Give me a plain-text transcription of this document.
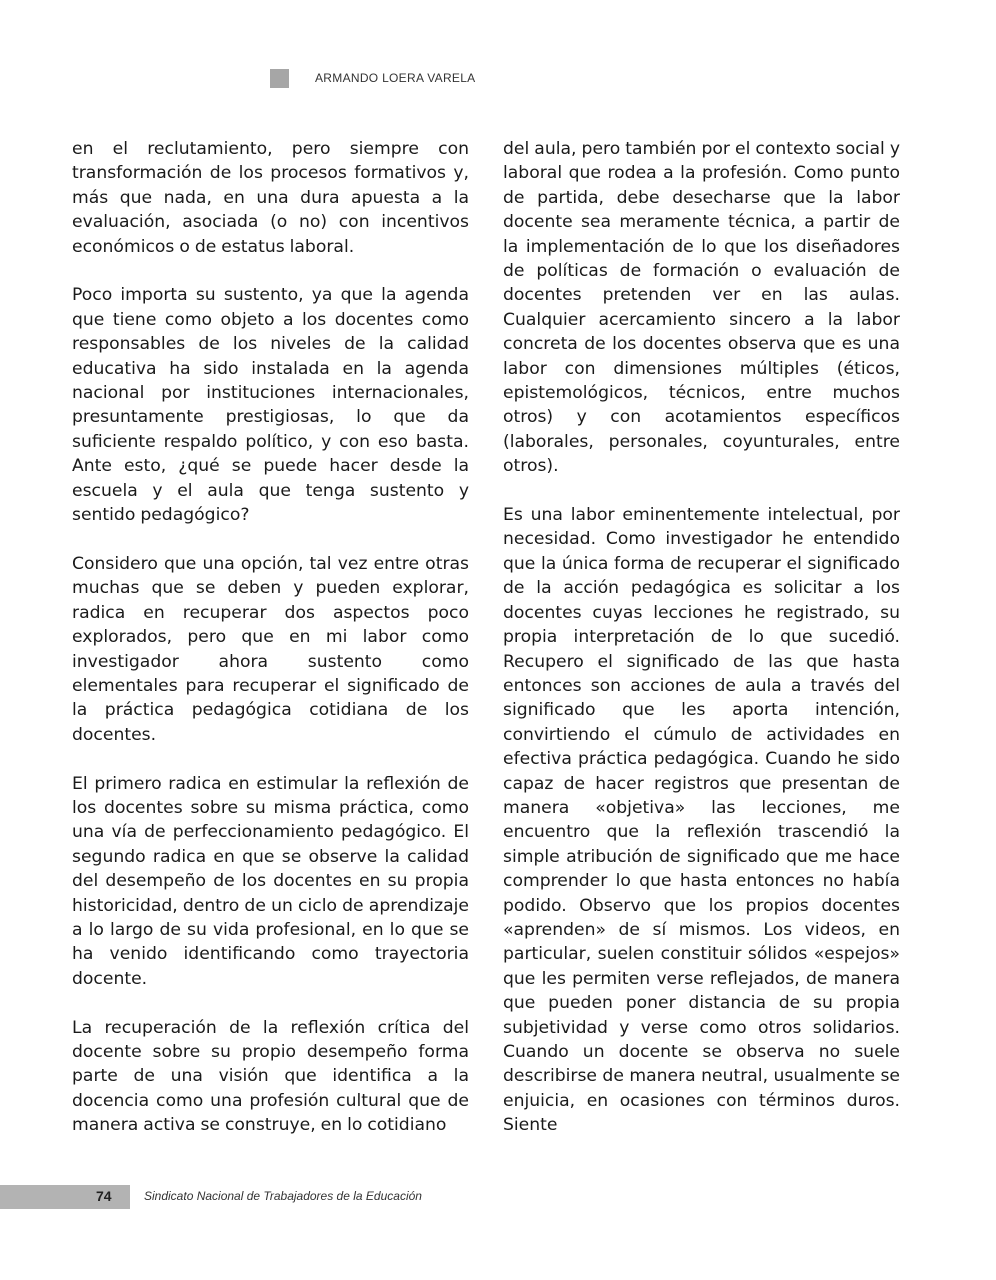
ARMANDO LOERA VARELA

en el reclutamiento, pero siempre con transformación de los procesos formativos y, más que nada, en una dura apuesta a la evaluación, asociada (o no) con incentivos económicos o de estatus laboral.

Poco importa su sustento, ya que la agenda que tiene como objeto a los docentes como responsables de los niveles de la calidad educativa ha sido instalada en la agenda nacional por instituciones internacionales, presuntamente prestigiosas, lo que da suficiente respaldo político, y con eso basta. Ante esto, ¿qué se puede hacer desde la escuela y el aula que tenga sustento y sentido pedagógico?

Considero que una opción, tal vez entre otras muchas que se deben y pueden explorar, radica en recuperar dos aspectos poco explorados, pero que en mi labor como investigador ahora sustento como elementales para recuperar el significado de la práctica pedagógica cotidiana de los docentes.

El primero radica en estimular la reflexión de los docentes sobre su misma práctica, como una vía de perfeccionamiento pedagógico. El segundo radica en que se observe la calidad del desempeño de los docentes en su propia historicidad, dentro de un ciclo de aprendizaje a lo largo de su vida profesional, en lo que se ha venido identificando como trayectoria docente.

La recuperación de la reflexión crítica del docente sobre su propio desempeño forma parte de una visión que identifica a la docencia como una profesión cultural que de manera activa se construye, en lo cotidiano

del aula, pero también por el contexto social y laboral que rodea a la profesión. Como punto de partida, debe desecharse que la labor docente sea meramente técnica, a partir de la implementación de lo que los diseñadores de políticas de formación o evaluación de docentes pretenden ver en las aulas. Cualquier acercamiento sincero a la labor concreta de los docentes observa que es una labor con dimensiones múltiples (éticos, epistemológicos, técnicos, entre muchos otros) y con acotamientos específicos (laborales, personales, coyunturales, entre otros).

Es una labor eminentemente intelectual, por necesidad. Como investigador he entendido que la única forma de recuperar el significado de la acción pedagógica es solicitar a los docentes cuyas lecciones he registrado, su propia interpretación de lo que sucedió. Recupero el significado de las que hasta entonces son acciones de aula a través del significado que les aporta intención, convirtiendo el cúmulo de actividades en efectiva práctica pedagógica. Cuando he sido capaz de hacer registros que presentan de manera «objetiva» las lecciones, me encuentro que la reflexión trascendió la simple atribución de significado que me hace comprender lo que hasta entonces no había podido. Observo que los propios docentes «aprenden» de sí mismos. Los videos, en particular, suelen constituir sólidos «espejos» que les permiten verse reflejados, de manera que pueden poner distancia de su propia subjetividad y verse como otros solidarios. Cuando un docente se observa no suele describirse de manera neutral, usualmente se enjuicia, en ocasiones con términos duros. Siente

74	Sindicato Nacional de Trabajadores de la Educación
